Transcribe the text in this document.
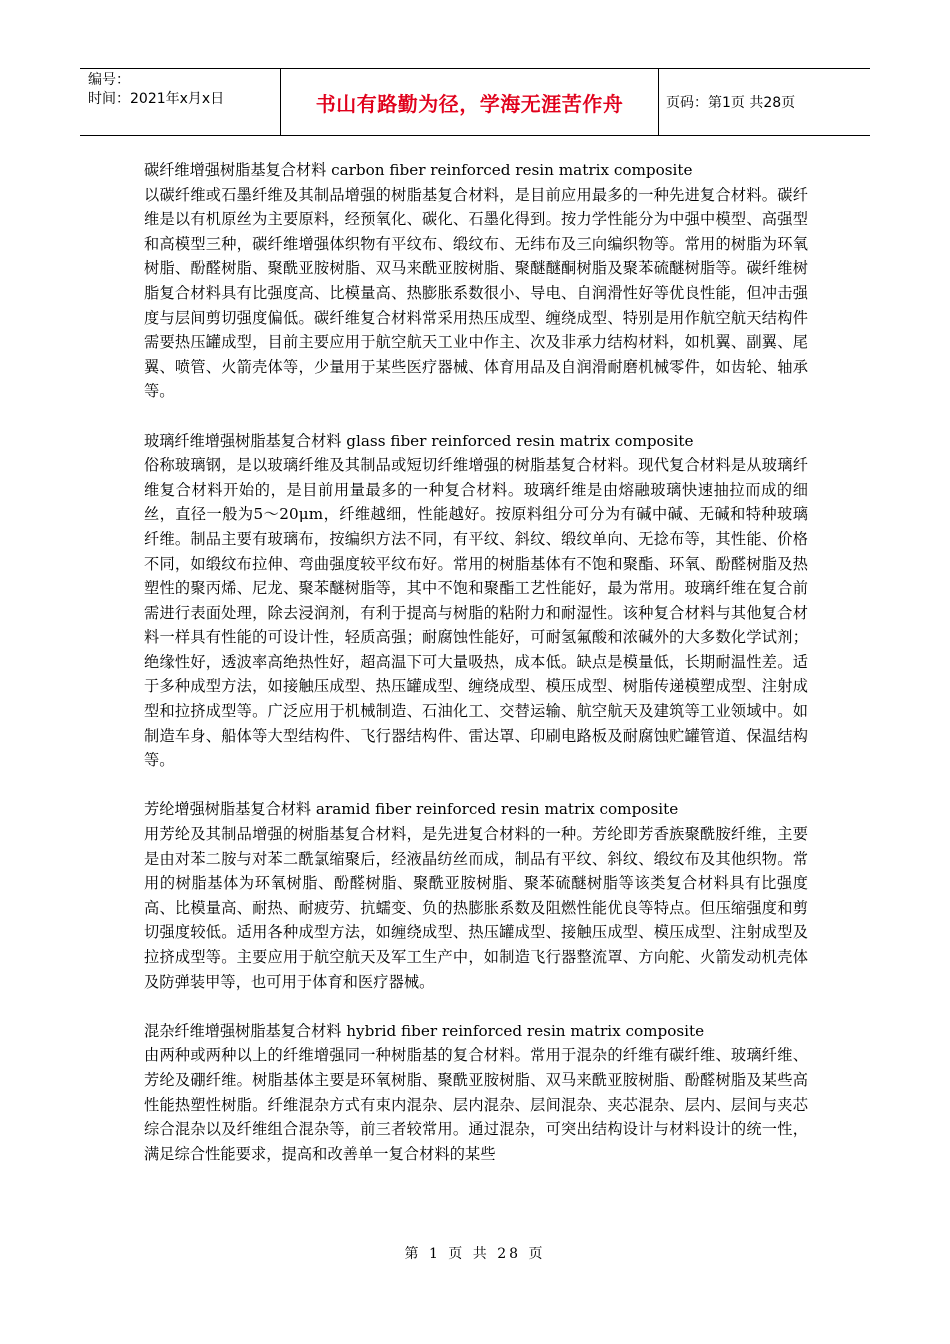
编号：
时间：2021年x月x日	书山有路勤为径，学海无涯苦作舟	页码：第1页 共28页
碳纤维增强树脂基复合材料 carbon fiber reinforced resin matrix composite
以碳纤维或石墨纤维及其制品增强的树脂基复合材料，是目前应用最多的一种先进复合材料。碳纤维是以有机原丝为主要原料，经预氧化、碳化、石墨化得到。按力学性能分为中强中模型、高强型和高模型三种，碳纤维增强体织物有平纹布、缎纹布、无纬布及三向编织物等。常用的树脂为环氧树脂、酚醛树脂、聚酰亚胺树脂、双马来酰亚胺树脂、聚醚醚酮树脂及聚苯硫醚树脂等。碳纤维树脂复合材料具有比强度高、比模量高、热膨胀系数很小、导电、自润滑性好等优良性能，但冲击强度与层间剪切强度偏低。碳纤维复合材料常采用热压成型、缠绕成型、特别是用作航空航天结构件需要热压罐成型，目前主要应用于航空航天工业中作主、次及非承力结构材料，如机翼、副翼、尾翼、喷管、火箭壳体等，少量用于某些医疗器械、体育用品及自润滑耐磨机械零件，如齿轮、轴承等。
玻璃纤维增强树脂基复合材料 glass fiber reinforced resin matrix composite
俗称玻璃钢，是以玻璃纤维及其制品或短切纤维增强的树脂基复合材料。现代复合材料是从玻璃纤维复合材料开始的，是目前用量最多的一种复合材料。玻璃纤维是由熔融玻璃快速抽拉而成的细丝，直径一般为5～20μm，纤维越细，性能越好。按原料组分可分为有碱中碱、无碱和特种玻璃纤维。制品主要有玻璃布，按编织方法不同，有平纹、斜纹、缎纹单向、无捻布等，其性能、价格不同，如缎纹布拉伸、弯曲强度较平纹布好。常用的树脂基体有不饱和聚酯、环氧、酚醛树脂及热塑性的聚丙烯、尼龙、聚苯醚树脂等，其中不饱和聚酯工艺性能好，最为常用。玻璃纤维在复合前需进行表面处理，除去浸润剂，有利于提高与树脂的粘附力和耐湿性。该种复合材料与其他复合材料一样具有性能的可设计性，轻质高强；耐腐蚀性能好，可耐氢氟酸和浓碱外的大多数化学试剂；绝缘性好，透波率高绝热性好，超高温下可大量吸热，成本低。缺点是模量低，长期耐温性差。适于多种成型方法，如接触压成型、热压罐成型、缠绕成型、模压成型、树脂传递模塑成型、注射成型和拉挤成型等。广泛应用于机械制造、石油化工、交替运输、航空航天及建筑等工业领域中。如制造车身、船体等大型结构件、飞行器结构件、雷达罩、印刷电路板及耐腐蚀贮罐管道、保温结构等。
芳纶增强树脂基复合材料 aramid fiber reinforced resin matrix composite
用芳纶及其制品增强的树脂基复合材料，是先进复合材料的一种。芳纶即芳香族聚酰胺纤维，主要是由对苯二胺与对苯二酰氯缩聚后，经液晶纺丝而成，制品有平纹、斜纹、缎纹布及其他织物。常用的树脂基体为环氧树脂、酚醛树脂、聚酰亚胺树脂、聚苯硫醚树脂等该类复合材料具有比强度高、比模量高、耐热、耐疲劳、抗蠕变、负的热膨胀系数及阻燃性能优良等特点。但压缩强度和剪切强度较低。适用各种成型方法，如缠绕成型、热压罐成型、接触压成型、模压成型、注射成型及拉挤成型等。主要应用于航空航天及军工生产中，如制造飞行器整流罩、方向舵、火箭发动机壳体及防弹装甲等，也可用于体育和医疗器械。
混杂纤维增强树脂基复合材料 hybrid fiber reinforced resin matrix composite
由两种或两种以上的纤维增强同一种树脂基的复合材料。常用于混杂的纤维有碳纤维、玻璃纤维、芳纶及硼纤维。树脂基体主要是环氧树脂、聚酰亚胺树脂、双马来酰亚胺树脂、酚醛树脂及某些高性能热塑性树脂。纤维混杂方式有束内混杂、层内混杂、层间混杂、夹芯混杂、层内、层间与夹芯综合混杂以及纤维组合混杂等，前三者较常用。通过混杂，可突出结构设计与材料设计的统一性，满足综合性能要求，提高和改善单一复合材料的某些
第 1 页 共 28 页
